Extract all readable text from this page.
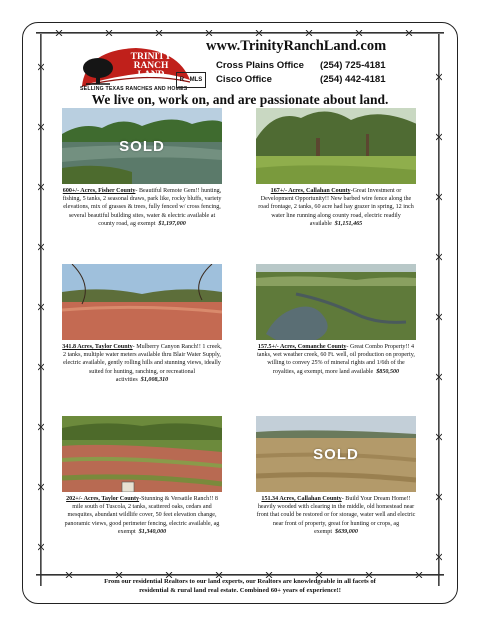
TRINITY
RANCH
LAND
SELLING TEXAS RANCHES AND HOMES
R MLS
www.TrinityRanchLand.com
Cross Plains Office (254) 725-4181
Cisco Office	(254) 442-4181
We live on, work on, and are passionate about land.
SOLD
600+/- Acres, Fisher County- Beautiful Remote Gem!! hunting, fishing, 5 tanks, 2 seasonal draws, park like, rocky bluffs, variety elevations, mix of grasses & trees, fully fenced w/ cross fencing, several beautiful building sites, water & electric available at county road, ag exempt $1,197,000
167+/- Acres, Callahan County-Great Investment or Development Opportunity!! New barbed wire fence along the road frontage, 2 tanks, 60 acre had hay grazer in spring, 12 inch water line running along county road, electric readily available $1,151,465
341.8 Acres, Taylor County- Mulberry Canyon Ranch!! 1 creek, 2 tanks, multiple water meters available thru Blair Water Supply, electric available, gently rolling hills and stunning views, ideally suited for hunting, ranching, or recreational activities $1,008,310
157.5+/- Acres, Comanche County- Great Combo Property!! 4 tanks, wet weather creek, 60 Ft. well, oil production on property, willing to convey 25% of mineral rights and 1/6th of the royalties, ag exempt, more land available $850,500
202+/- Acres, Taylor County-Stunning & Versatile Ranch!! 8 mile south of Tuscola, 2 tanks, scattered oaks, cedars and mesquites, abundant wildlife cover, 50 feet elevation change, panoramic views, good perimeter fencing, electric available, ag exempt $1,340,000
SOLD
151.34 Acres, Callahan County- Build Your Dream Home!! heavily wooded with clearing in the middle, old homestead near front that could be restored or for storage, water well and electric near front of property, great for hunting or crops, ag exempt $639,000
From our residential Realtors to our land experts, our Realtors are knowledgeable in all facets of
residential & rural land real estate. Combined 60+ years of experience!!
